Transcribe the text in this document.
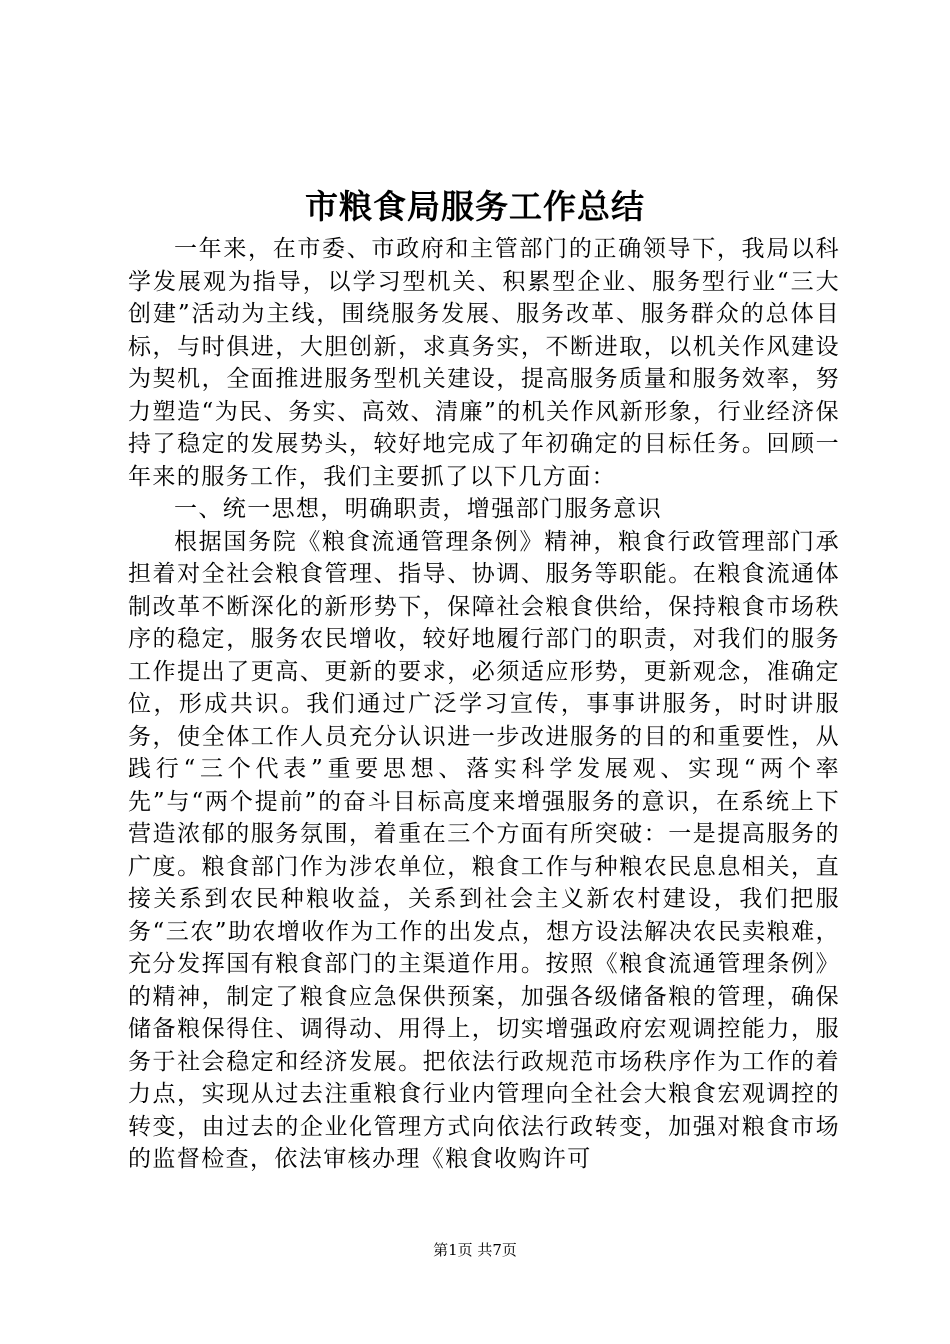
市粮食局服务工作总结

一年来，在市委、市政府和主管部门的正确领导下，我局以科学发展观为指导，以学习型机关、积累型企业、服务型行业“三大创建”活动为主线，围绕服务发展、服务改革、服务群众的总体目标，与时俱进，大胆创新，求真务实，不断进取，以机关作风建设为契机，全面推进服务型机关建设，提高服务质量和服务效率，努力塑造“为民、务实、高效、清廉”的机关作风新形象，行业经济保持了稳定的发展势头，较好地完成了年初确定的目标任务。回顾一年来的服务工作，我们主要抓了以下几方面：

一、统一思想，明确职责，增强部门服务意识

根据国务院《粮食流通管理条例》精神，粮食行政管理部门承担着对全社会粮食管理、指导、协调、服务等职能。在粮食流通体制改革不断深化的新形势下，保障社会粮食供给，保持粮食市场秩序的稳定，服务农民增收，较好地履行部门的职责，对我们的服务工作提出了更高、更新的要求，必须适应形势，更新观念，准确定位，形成共识。我们通过广泛学习宣传，事事讲服务，时时讲服务，使全体工作人员充分认识进一步改进服务的目的和重要性，从践行“三个代表”重要思想、落实科学发展观、实现“两个率先”与“两个提前”的奋斗目标高度来增强服务的意识，在系统上下营造浓郁的服务氛围，着重在三个方面有所突破：一是提高服务的广度。粮食部门作为涉农单位，粮食工作与种粮农民息息相关，直接关系到农民种粮收益，关系到社会主义新农村建设，我们把服务“三农”助农增收作为工作的出发点，想方设法解决农民卖粮难，充分发挥国有粮食部门的主渠道作用。按照《粮食流通管理条例》的精神，制定了粮食应急保供预案，加强各级储备粮的管理，确保储备粮保得住、调得动、用得上，切实增强政府宏观调控能力，服务于社会稳定和经济发展。把依法行政规范市场秩序作为工作的着力点，实现从过去注重粮食行业内管理向全社会大粮食宏观调控的转变，由过去的企业化管理方式向依法行政转变，加强对粮食市场的监督检查，依法审核办理《粮食收购许可

第1页 共7页
